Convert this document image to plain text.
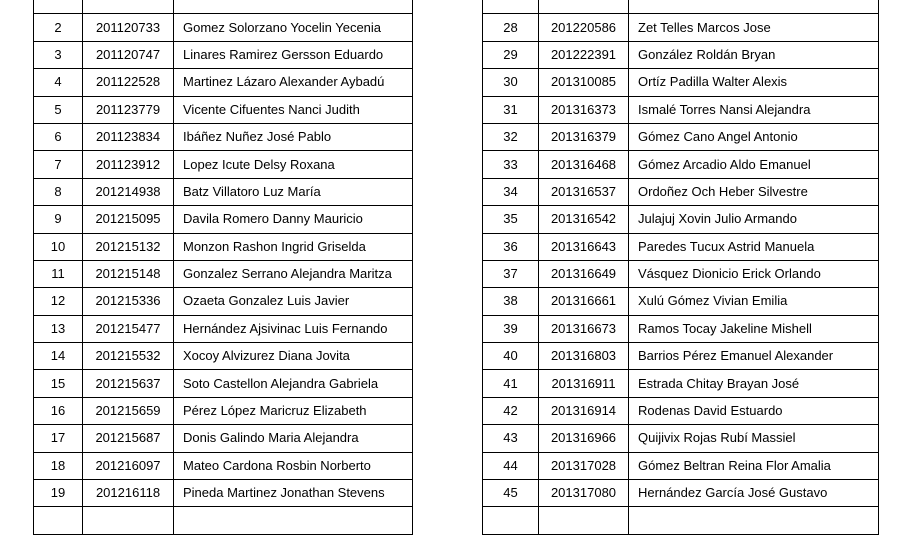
2	201120733	Gomez Solorzano Yocelin Yecenia
3	201120747	Linares Ramirez Gersson Eduardo
4	201122528	Martinez Lázaro Alexander Aybadú
5	201123779	Vicente Cifuentes Nanci Judith
6	201123834	Ibáñez Nuñez José Pablo
7	201123912	Lopez Icute Delsy Roxana
8	201214938	Batz Villatoro Luz María
9	201215095	Davila Romero Danny Mauricio
10	201215132	Monzon Rashon Ingrid Griselda
11	201215148	Gonzalez Serrano Alejandra Maritza
12	201215336	Ozaeta Gonzalez Luis Javier
13	201215477	Hernández Ajsivinac Luis Fernando
14	201215532	Xocoy Alvizurez Diana Jovita
15	201215637	Soto Castellon Alejandra Gabriela
16	201215659	Pérez López Maricruz Elizabeth
17	201215687	Donis Galindo Maria Alejandra
18	201216097	Mateo Cardona Rosbin Norberto
19	201216118	Pineda Martinez Jonathan Stevens

28	201220586	Zet Telles Marcos Jose
29	201222391	González Roldán Bryan
30	201310085	Ortíz Padilla Walter Alexis
31	201316373	Ismalé Torres Nansi Alejandra
32	201316379	Gómez Cano Angel Antonio
33	201316468	Gómez Arcadio Aldo Emanuel
34	201316537	Ordoñez Och Heber Silvestre
35	201316542	Julajuj Xovin Julio Armando
36	201316643	Paredes Tucux Astrid Manuela
37	201316649	Vásquez Dionicio Erick Orlando
38	201316661	Xulú Gómez Vivian Emilia
39	201316673	Ramos Tocay Jakeline Mishell
40	201316803	Barrios Pérez Emanuel Alexander
41	201316911	Estrada Chitay Brayan José
42	201316914	Rodenas David Estuardo
43	201316966	Quijivix Rojas Rubí Massiel
44	201317028	Gómez Beltran Reina Flor Amalia
45	201317080	Hernández García José Gustavo
